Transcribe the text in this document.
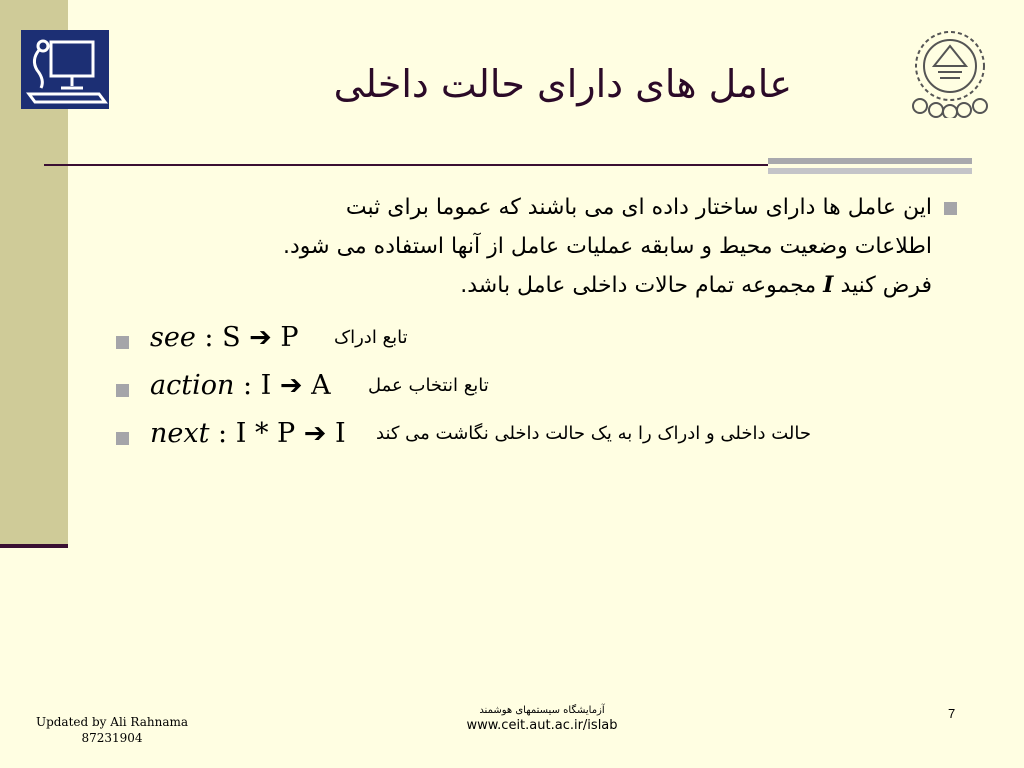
عامل های دارای حالت داخلی
این عامل ها دارای ساختار داده ای می باشند که عموما برای ثبت
اطلاعات وضعیت محیط و سابقه عملیات عامل از آنها استفاده می شود.
فرض کنید I مجموعه تمام حالات داخلی عامل باشد.
see : S ➔ P تابع ادراک
action : I ➔ A تابع انتخاب عمل
next : I * P ➔ I حالت داخلی و ادراک را به یک حالت داخلی نگاشت می کند
Updated by Ali Rahnama
87231904
آزمایشگاه سیستمهای هوشمند
www.ceit.aut.ac.ir/islab
7
